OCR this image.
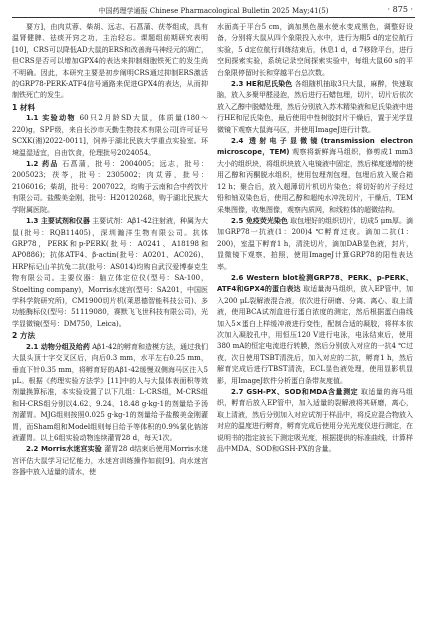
中国药理学通报 Chinese Pharmacological Bulletin 2025 May;41(5)	· 875 ·

要方]，由肉苁蓉、柴胡、远志、石菖蒲、茯苓组成，具有温肾健脾、祛痰开窍之功，主治轻忘。课题组前期研究表明[10]，CRS可以降低AD大鼠的ERS和改善海马神经元的凋亡，但CRS是否可以增加GPX4的表达来抑制细胞铁死亡的发生尚不明确。因此，本研究主要是初步阐明CRS通过抑制ERS激活的GRP78-PERK-ATF4信号通路来促进GPX4的表达，从而抑制铁死亡的发生。

1 材料

1.1 实验动物 60只2月龄SD大鼠，体质量(180～220)g，SPF级，来自长沙市天勤生物技术有限公司[许可证号SCXK(湘)2022-0011]，饲养于湖北民族大学重点实验室。环境温湿适宜，自由饮食，伦理批号2024054。

1.2 药品 石菖蒲，批号：2004005；远志，批号：2005023；茯苓，批号：2305002；肉苁蓉，批号：2106016；柴胡，批号：2007022，均购于云南和合中药饮片有限公司。盐酸美金刚，批号：H20120268，购于湖北民族大学附属医院。

1.3 主要试剂和仪器 主要试剂：Aβ1-42注射液，种属为大鼠(批号：RQB11405)，深圳瀚洋生物有限公司。抗体GRP78，PERK和p-PERK(批号：A0241、A18198和AP0886)；抗体ATF4、β-actin(批号：A0201、AC026)、HRP标记山羊抗兔二抗(批号：AS014)均购自武汉爱博泰克生物有限公司。主要仪器：脑立体定位仪(型号：SA-100，Stoelting company)，Morris水迷宫(型号：SA201，中国医学科学院研究所)，CM1900切片机(莱恩德智能科技公司)、多功能酶标仪(型号：51119080，赛默飞飞世科技有限公司)，光学显微镜(型号：DM750，Leica)。

2 方法

2.1 动物分组及给药 Aβ1-42的孵育和造模方法，通过我们大鼠头顶十字交叉区后，向后0.3 mm，水平左右0.25 mm，垂直下针0.35 mm，将孵育好的Aβ1-42缓慢双侧海马区注入5 μL。根据《药理实验方法学》[11]中的人与大鼠体表面积等效剂量换算标准，本实验设置了以下几组：L-CRS组，M-CRS组和H-CRS组分别以4.62、9.24、18.48 g·kg-1的剂量给予汤剂灌胃。MJG组则按照0.025 g·kg-1的剂量给予盐酸美金刚灌胃，而Sham组和Model组则每日给予等体积的0.9%氯化钠溶液灌胃。以上6组实验动物连续灌胃28 d，每天1次。

2.2 Morris水迷宫实验 灌胃28 d结束后使用Morris水迷宫评估大鼠学习记忆能力，水迷宫训练操作如前[9]。向水迷宫容器中放入适量的清水，使

水面高于平台5 cm，滴加黑色墨水使水变成黑色，调整好设备，分别将大鼠从四个象限投入水中，进行为期5 d的定位航行实验，5 d定位航行训练结束后，休息1 d，d 7移除平台，进行空间探索实验，系统记录空间探索实验中，每组大鼠60 s的平台象限停留时长和穿越平台总次数。

2.3 HE和尼氏染色 各组随机抽取3只大鼠，麻醉，快速取脑，放入多聚甲醛浸泡，然后进行石蜡包埋，切片，切片后依次放入乙醇中脱蜡处理，然后分别放入苏木精染液和尼氏染液中进行HE和尼氏染色，最后使用中性树胶封片干燥后，置于光学显微镜下观察大鼠海马区，并使用ImageJ进行计数。

2.4 透射电子显微镜(transmission electron microscope，TEM) 观察将新鲜海马组织，修剪成1 mm3大小的组织块，将组织块放入电镜液中固定，然后梯度递增的使用乙醇和丙酮脱水组织，使用包埋剂包埋，包埋后放入聚合箱12 h；聚合后，放入超薄切片机切片染色；将切好的片子经过铅和铀双染色后，使用乙醇和超纯水冲洗切片，干燥后，TEM采集图像，收集图像，观察内质网，和线粒体的超微结构。

2.5 免疫荧光染色 取包埋好的组织切片，切成5 μm厚。滴加GRP78一抗液(1：200)4 ℃孵育过夜。滴加二抗(1：200)，室温下孵育1 h，清洗切片，滴加DAB显色液，封片，显微镜下观察、拍照，使用ImageJ计算GRP78的阳性表达率。

2.6 Western blot检测GRP78、PERK、p-PERK、ATF4和GPX4的蛋白表达 取适量海马组织，放入EP管中，加入200 μL裂解液混合液，依次进行研磨、分离、离心、取上清液，使用BCA试剂盒进行蛋白浓度的测定，然后根据蛋白曲线加入5×蛋白上样缓冲液进行变性，配制合适的凝胶，将样本依次加入凝胶孔中，用恒压120 V进行电泳，电泳结束后，使用380 mA的恒定电流进行转膜，然后分别放入对应的一抗4 ℃过夜，次日使用TSBT清洗后，加入对应的二抗，孵育1 h，然后解育完成后进行TBST清洗，ECL显色液处理，使用显影机显影，用ImageJ软件分析蛋白条带灰度值。

2.7 GSH-PX、SOD和MDA含量测定 取适量的海马组织，孵育后放入EP管中，加入适量的裂解液将其研磨，离心，取上清液，然后分别加入对应试剂于样品中，将反应混合物放入对应的温度进行孵育，孵育完成后使用分光光度仪进行测定，在说明书的指定波长下测定吸光度，根据提供的标准曲线，计算样品中MDA、SOD和GSH-PX的含量。
